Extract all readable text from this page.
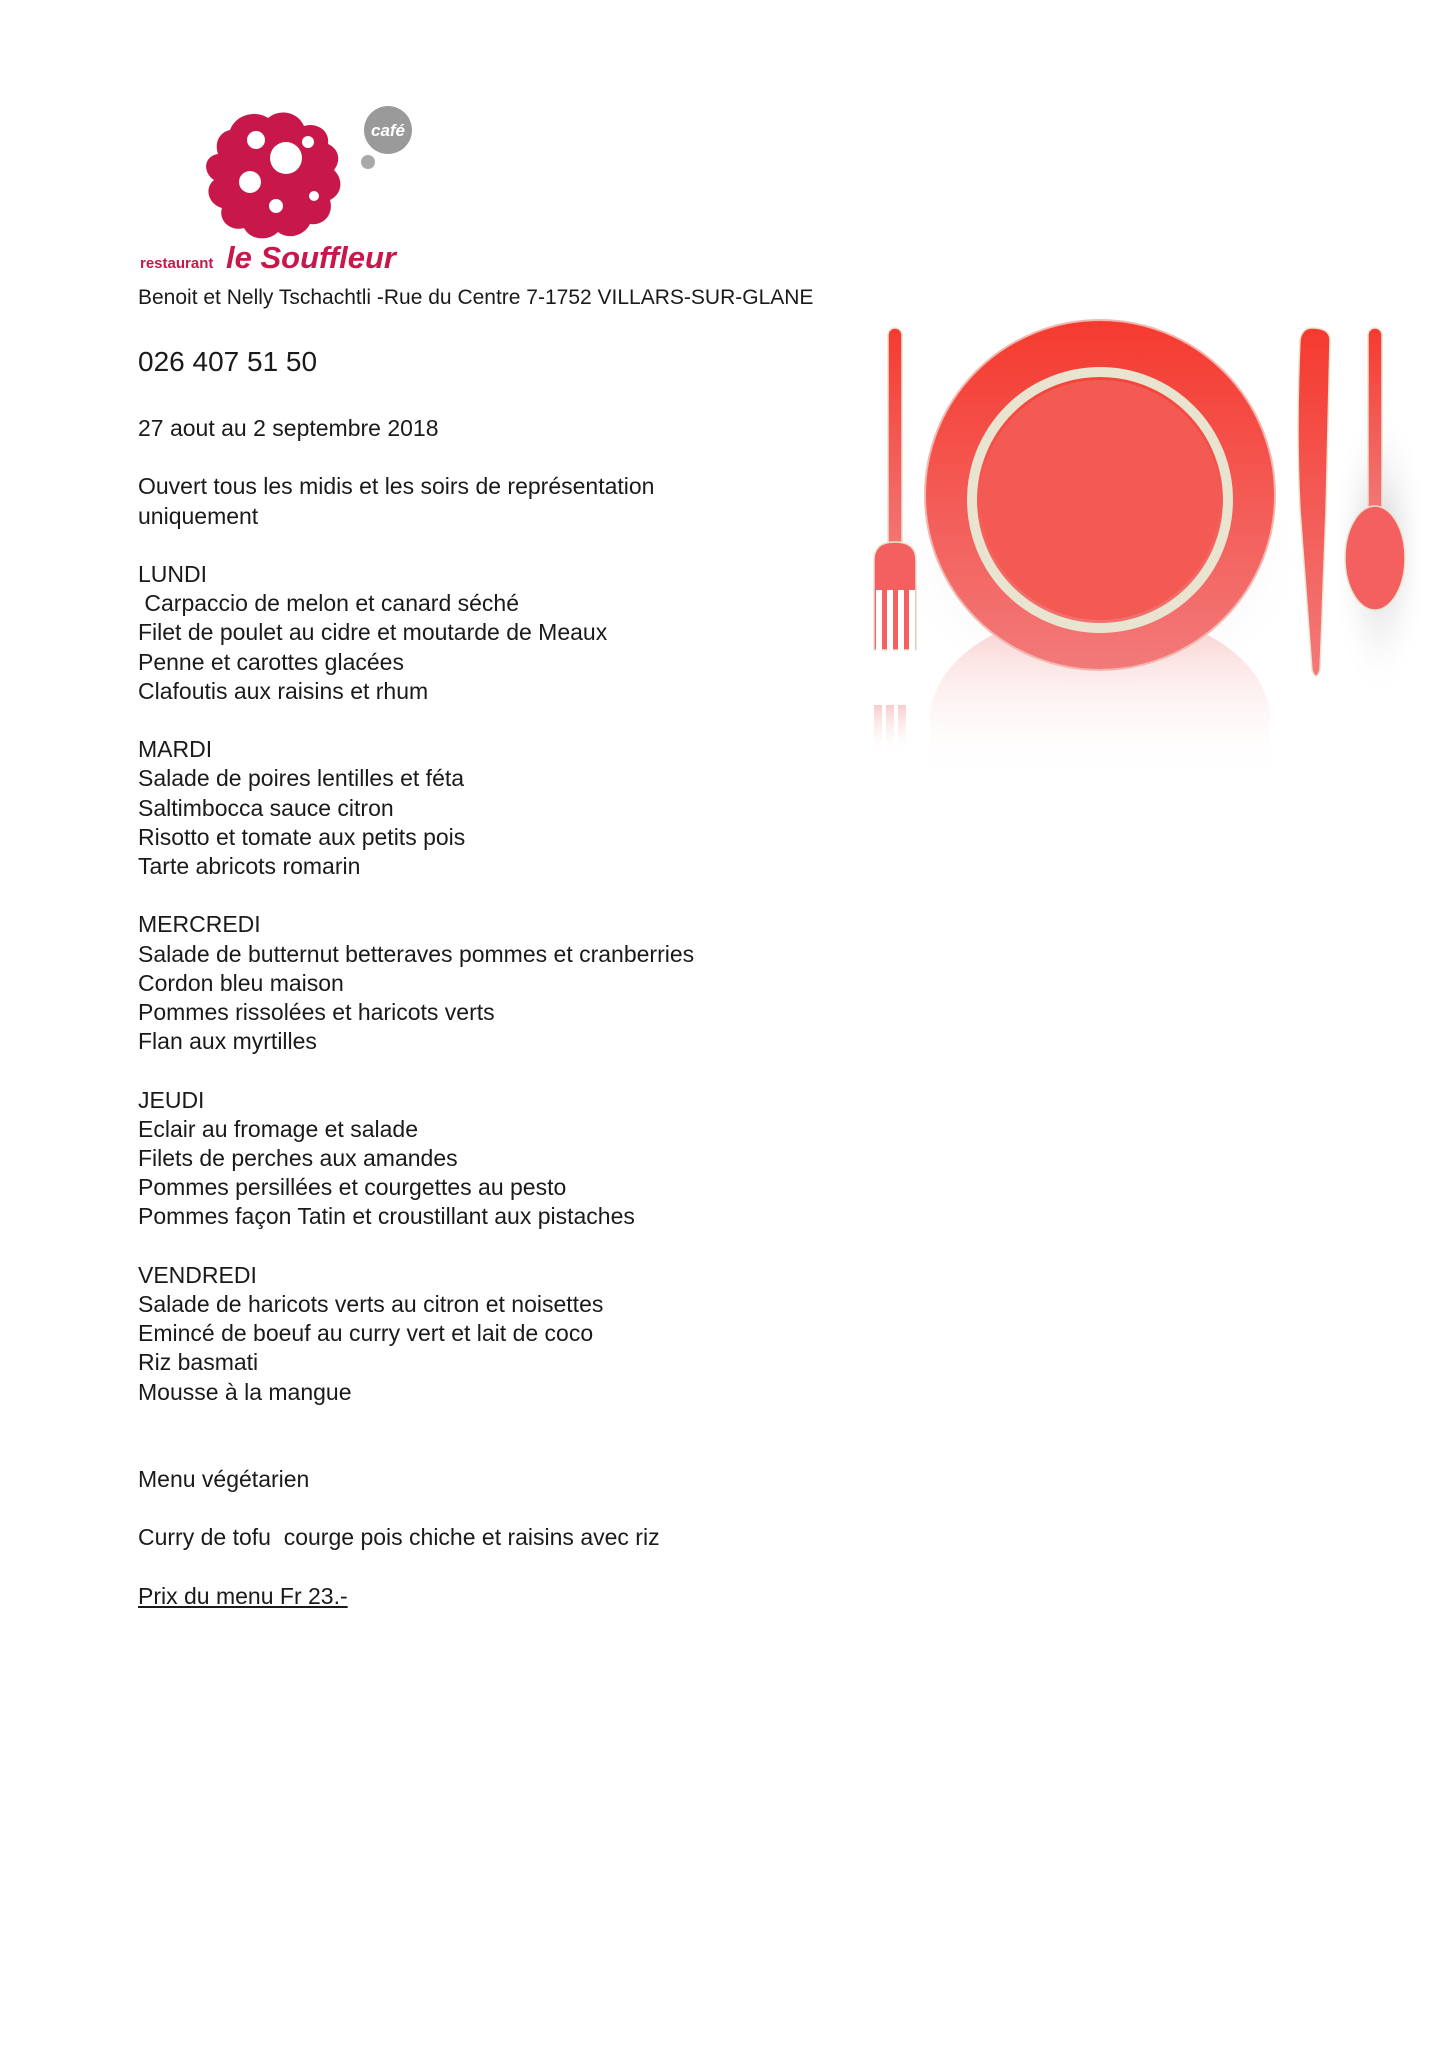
café
restaurant le Souffleur
Benoit et Nelly Tschachtli -Rue du Centre 7-1752 VILLARS-SUR-GLANE
026 407 51 50

27 aout au 2 septembre 2018

Ouvert tous les midis et les soirs de représentation
uniquement

LUNDI
Carpaccio de melon et canard séché
Filet de poulet au cidre et moutarde de Meaux
Penne et carottes glacées
Clafoutis aux raisins et rhum
MARDI
Salade de poires lentilles et féta
Saltimbocca sauce citron
Risotto et tomate aux petits pois
Tarte abricots romarin
MERCREDI
Salade de butternut betteraves pommes et cranberries
Cordon bleu maison
Pommes rissolées et haricots verts
Flan aux myrtilles
JEUDI
Eclair au fromage et salade
Filets de perches aux amandes
Pommes persillées et courgettes au pesto
Pommes façon Tatin et croustillant aux pistaches
VENDREDI
Salade de haricots verts au citron et noisettes
Emincé de boeuf au curry vert et lait de coco
Riz basmati
Mousse à la mangue

Menu végétarien

Curry de tofu  courge pois chiche et raisins avec riz

Prix du menu Fr 23.-
